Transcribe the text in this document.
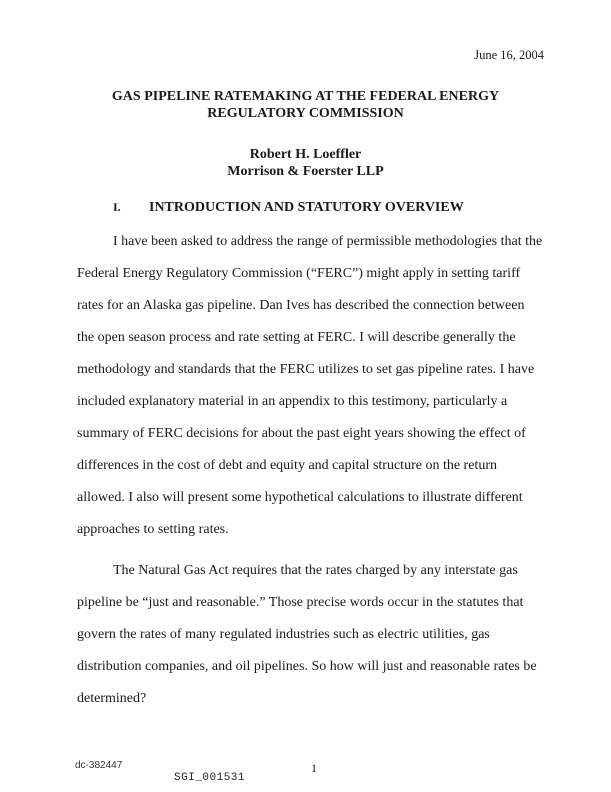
June 16, 2004
GAS PIPELINE RATEMAKING AT THE FEDERAL ENERGY
REGULATORY COMMISSION
Robert H. Loeffler
Morrison & Foerster LLP
I. INTRODUCTION AND STATUTORY OVERVIEW
I have been asked to address the range of permissible methodologies that the
Federal Energy Regulatory Commission (“FERC”) might apply in setting tariff
rates for an Alaska gas pipeline. Dan Ives has described the connection between
the open season process and rate setting at FERC. I will describe generally the
methodology and standards that the FERC utilizes to set gas pipeline rates. I have
included explanatory material in an appendix to this testimony, particularly a
summary of FERC decisions for about the past eight years showing the effect of
differences in the cost of debt and equity and capital structure on the return
allowed. I also will present some hypothetical calculations to illustrate different
approaches to setting rates.
The Natural Gas Act requires that the rates charged by any interstate gas
pipeline be “just and reasonable.” Those precise words occur in the statutes that
govern the rates of many regulated industries such as electric utilities, gas
distribution companies, and oil pipelines. So how will just and reasonable rates be
determined?
dc-382447	1
SGI_001531
